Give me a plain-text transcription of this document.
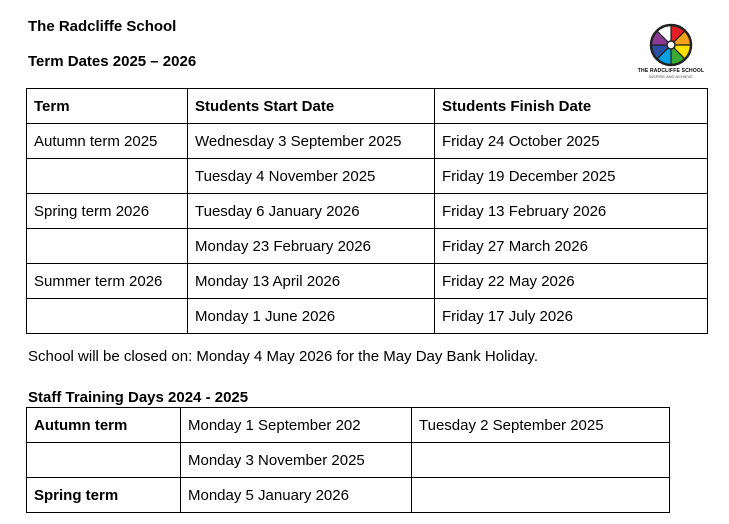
The Radcliffe School
Term Dates 2025 – 2026
THE RADCLIFFE SCHOOL
INSPIRE AND ACHIEVE
Term	Students Start Date	Students Finish Date
Autumn term 2025	Wednesday 3 September 2025	Friday 24 October 2025
	Tuesday 4 November 2025	Friday 19 December 2025
Spring term 2026	Tuesday 6 January 2026	Friday 13 February 2026
	Monday 23 February 2026	Friday 27 March 2026
Summer term 2026	Monday 13 April 2026	Friday 22 May 2026
	Monday 1 June 2026	Friday 17 July 2026
School will be closed on: Monday 4 May 2026 for the May Day Bank Holiday.
Staff Training Days 2024 - 2025
Autumn term	Monday 1 September 202	Tuesday 2 September 2025
	Monday 3 November 2025	
Spring term	Monday 5 January 2026	
